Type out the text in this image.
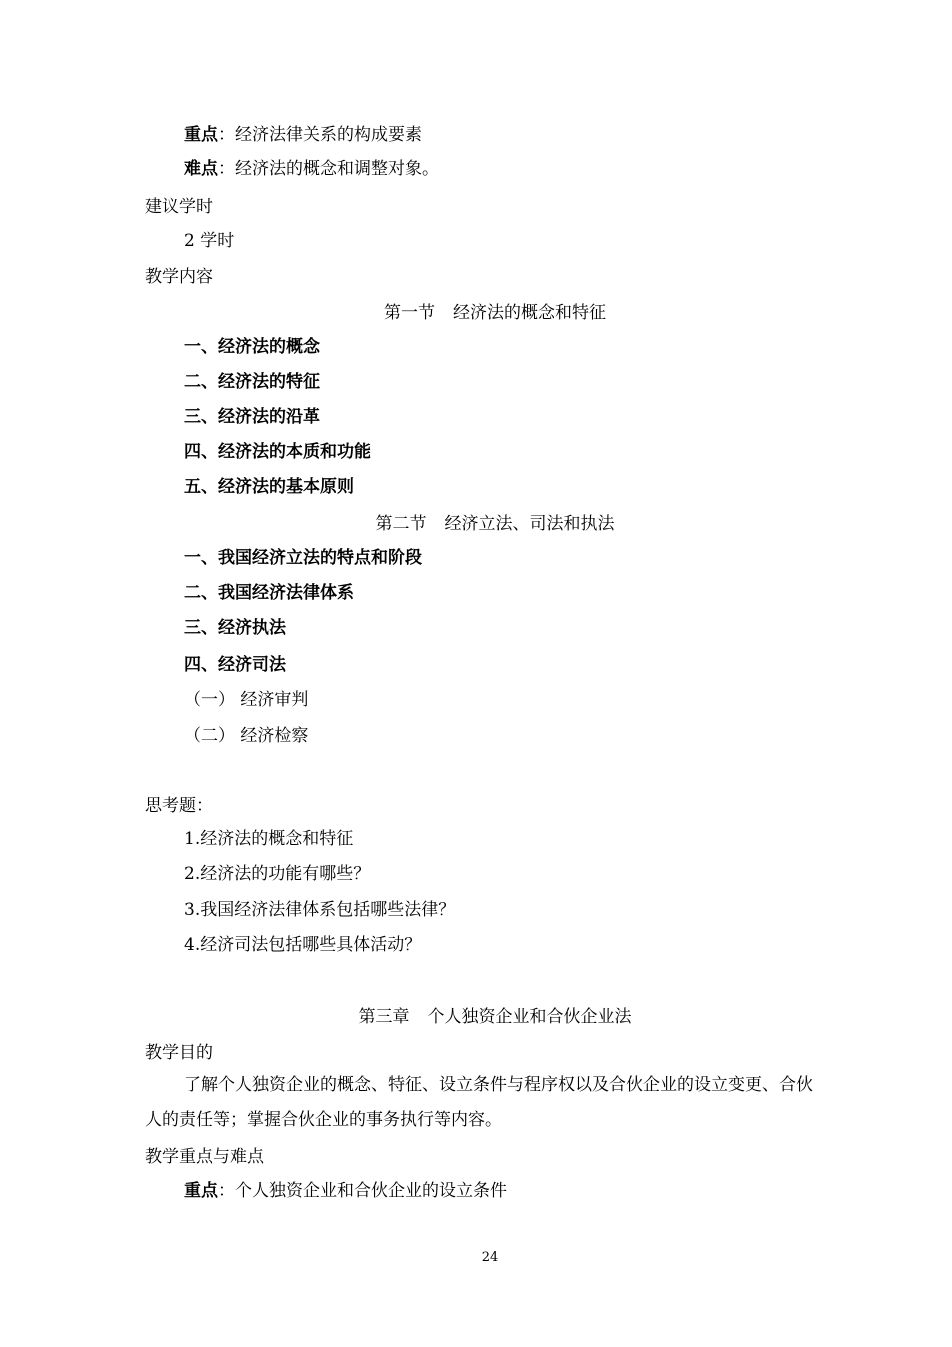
重点：经济法律关系的构成要素
难点：经济法的概念和调整对象。
建议学时
2 学时
教学内容
第一节 经济法的概念和特征
一、经济法的概念
二、经济法的特征
三、经济法的沿革
四、经济法的本质和功能
五、经济法的基本原则
第二节 经济立法、司法和执法
一、我国经济立法的特点和阶段
二、我国经济法律体系
三、经济执法
四、经济司法
（一） 经济审判
（二） 经济检察
思考题：
1.经济法的概念和特征
2.经济法的功能有哪些？
3.我国经济法律体系包括哪些法律？
4.经济司法包括哪些具体活动？
第三章 个人独资企业和合伙企业法
教学目的
了解个人独资企业的概念、特征、设立条件与程序权以及合伙企业的设立变更、合伙人的责任等；掌握合伙企业的事务执行等内容。
教学重点与难点
重点：个人独资企业和合伙企业的设立条件
24
